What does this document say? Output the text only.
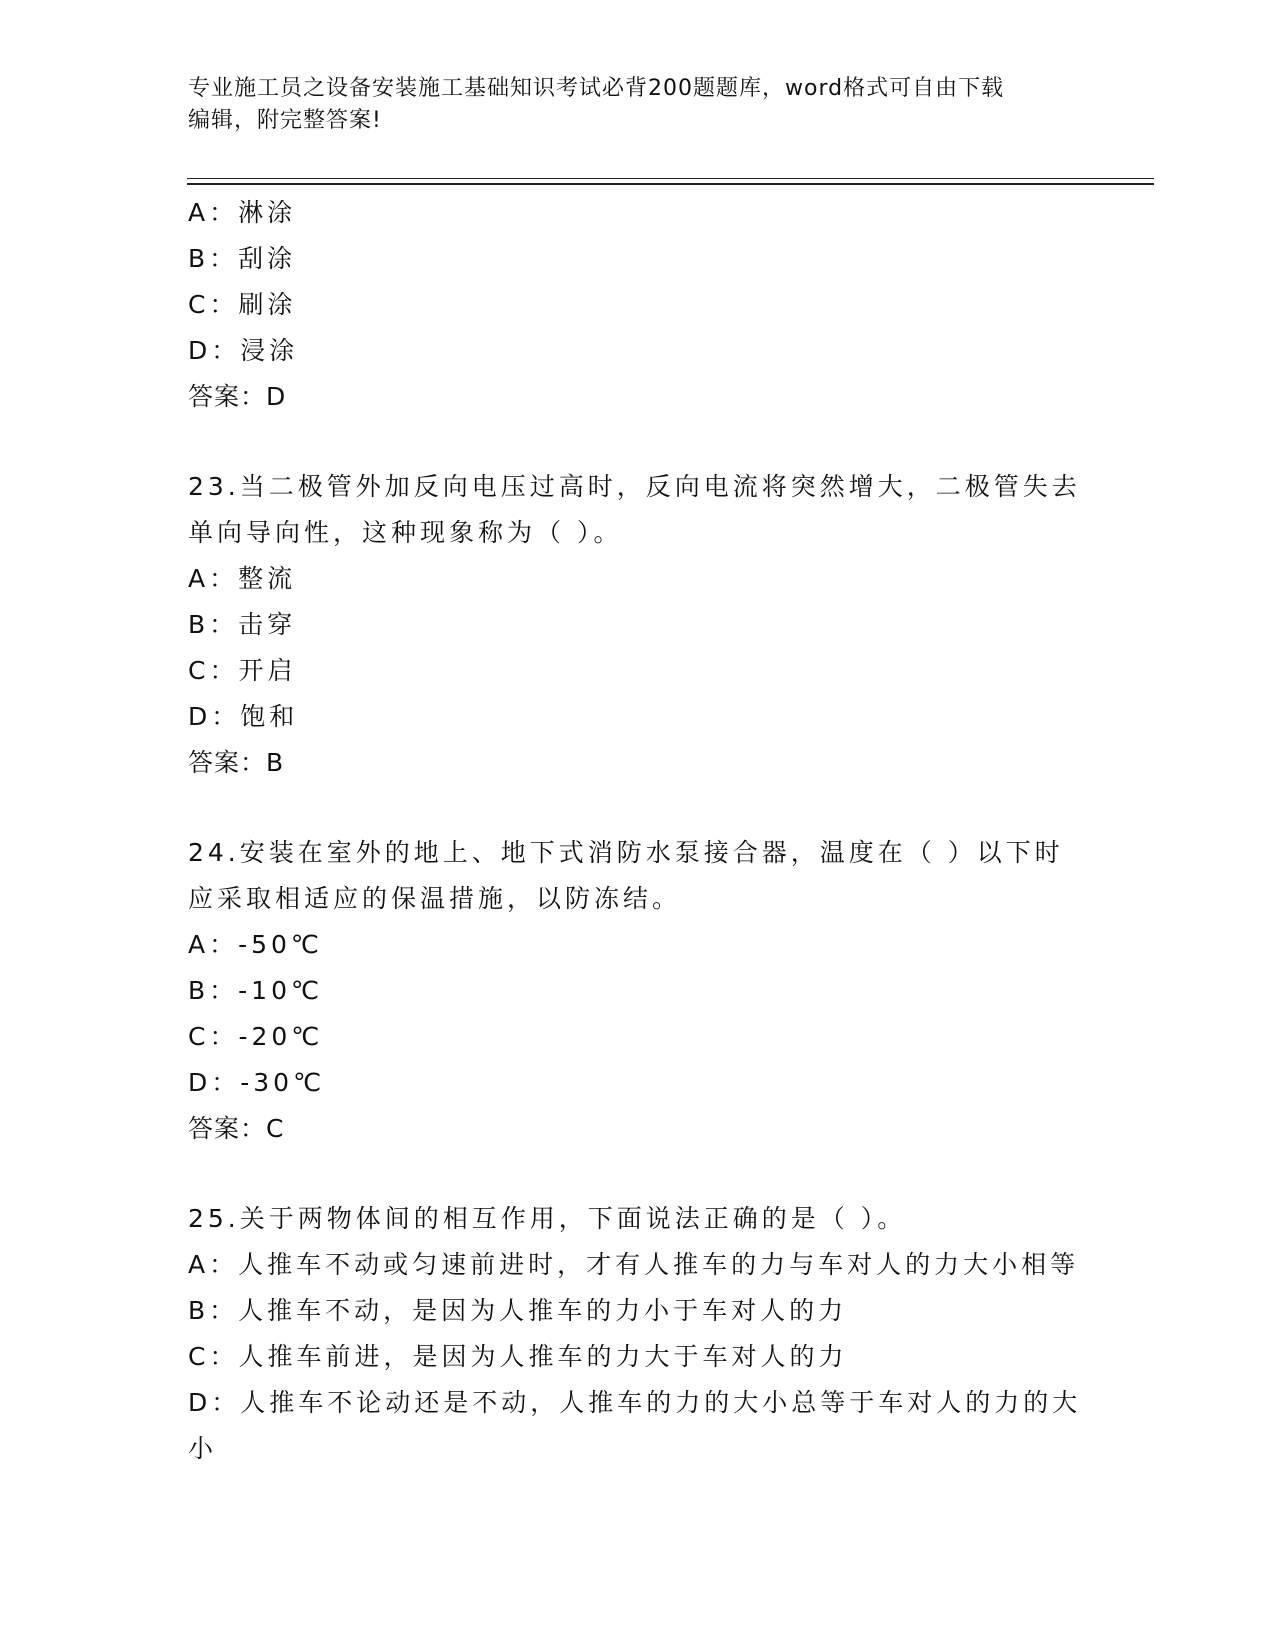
专业施工员之设备安装施工基础知识考试必背200题题库，word格式可自由下载
编辑，附完整答案!
A：淋涂
B：刮涂
C：刷涂
D：浸涂
答案：D
23.当二极管外加反向电压过高时，反向电流将突然增大，二极管失去
单向导向性，这种现象称为（ ）。
A：整流
B：击穿
C：开启
D：饱和
答案：B
24.安装在室外的地上、地下式消防水泵接合器，温度在（ ）以下时
应采取相适应的保温措施，以防冻结。
A：-50℃
B：-10℃
C：-20℃
D：-30℃
答案：C
25.关于两物体间的相互作用，下面说法正确的是（ ）。
A：人推车不动或匀速前进时，才有人推车的力与车对人的力大小相等
B：人推车不动，是因为人推车的力小于车对人的力
C：人推车前进，是因为人推车的力大于车对人的力
D：人推车不论动还是不动，人推车的力的大小总等于车对人的力的大
小
